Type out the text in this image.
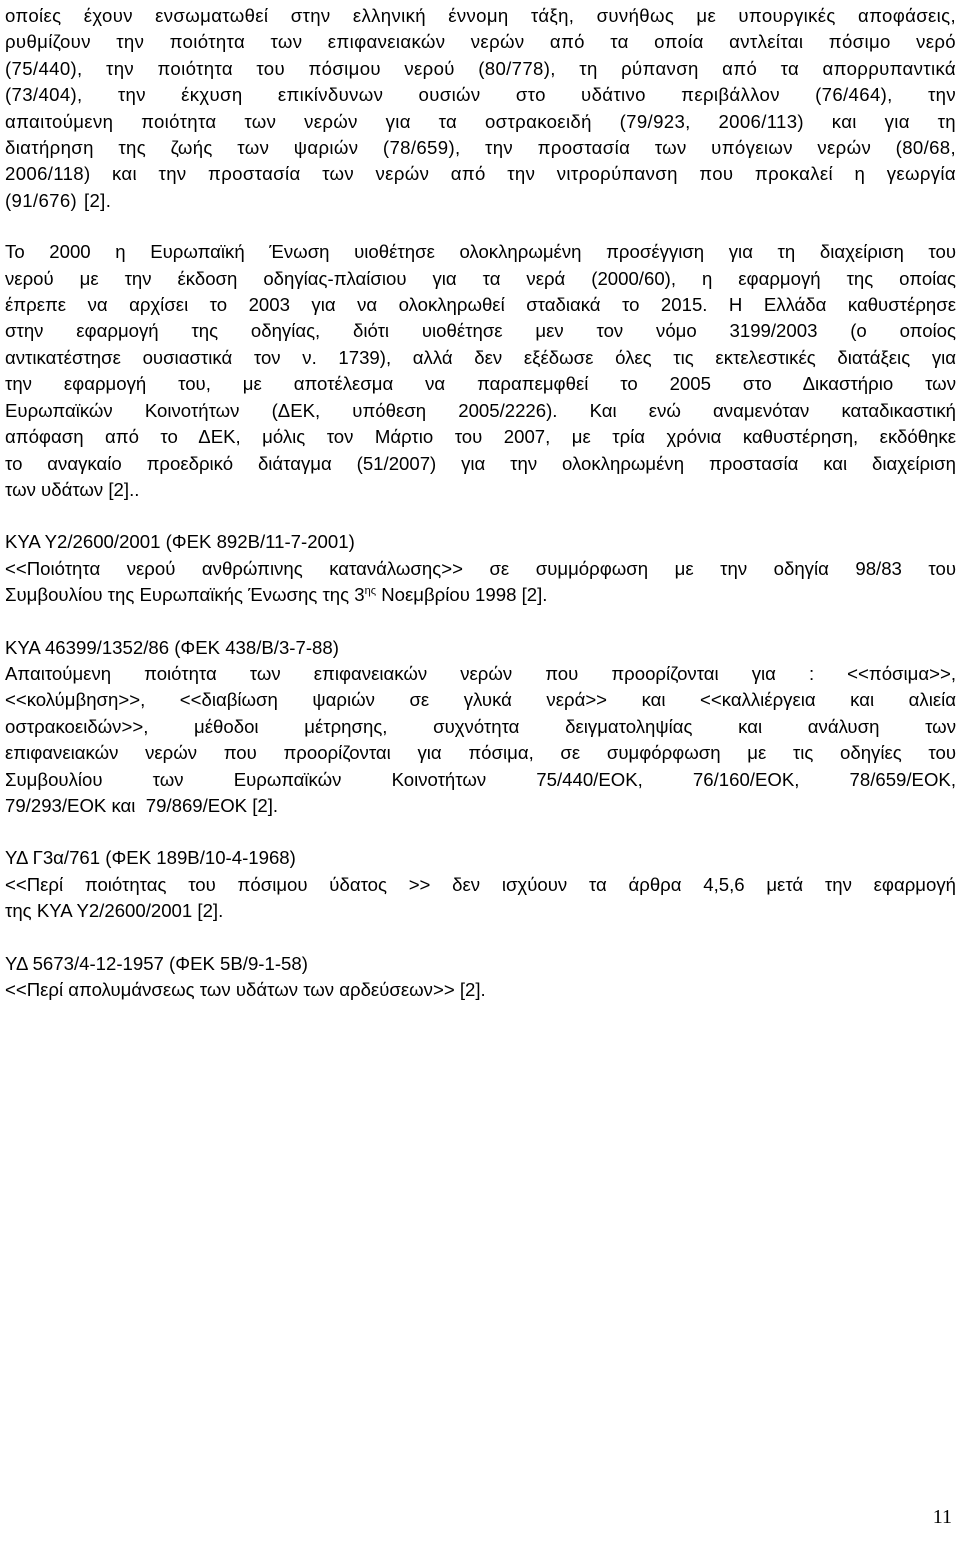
οποίες έχουν ενσωματωθεί στην ελληνική έννομη τάξη, συνήθως με υπουργικές αποφάσεις,
ρυθμίζουν την ποιότητα των επιφανειακών νερών από τα οποία αντλείται πόσιμο νερό
(75/440), την ποιότητα του πόσιμου νερού (80/778), τη ρύπανση από τα απορρυπαντικά
(73/404), την έκχυση επικίνδυνων ουσιών στο υδάτινο περιβάλλον (76/464), την
απαιτούμενη ποιότητα των νερών για τα οστρακοειδή (79/923, 2006/113) και για τη
διατήρηση της ζωής των ψαριών (78/659), την προστασία των υπόγειων νερών (80/68,
2006/118) και την προστασία των νερών από την νιτρορύπανση που προκαλεί η γεωργία
(91/676) [2].

Το 2000 η Ευρωπαϊκή Ένωση υιοθέτησε ολοκληρωμένη προσέγγιση για τη διαχείριση του
νερού με την έκδοση οδηγίας-πλαίσιου για τα νερά (2000/60), η εφαρμογή της οποίας
έπρεπε να αρχίσει το 2003 για να ολοκληρωθεί σταδιακά το 2015. Η Ελλάδα καθυστέρησε
στην εφαρμογή της οδηγίας, διότι υιοθέτησε μεν τον νόμο 3199/2003 (ο οποίος
αντικατέστησε ουσιαστικά τον ν. 1739), αλλά δεν εξέδωσε όλες τις εκτελεστικές διατάξεις για
την εφαρμογή του, με αποτέλεσμα να παραπεμφθεί το 2005 στο Δικαστήριο των
Ευρωπαϊκών Κοινοτήτων (ΔΕΚ, υπόθεση 2005/2226). Και ενώ αναμενόταν καταδικαστική
απόφαση από το ΔΕΚ, μόλις τον Μάρτιο του 2007, με τρία χρόνια καθυστέρηση, εκδόθηκε
το αναγκαίο προεδρικό διάταγμα (51/2007) για την ολοκληρωμένη προστασία και διαχείριση
των υδάτων [2]..

ΚΥΑ Υ2/2600/2001 (ΦΕΚ 892Β/11-7-2001)
<<Ποιότητα νερού ανθρώπινης κατανάλωσης>> σε συμμόρφωση με την οδηγία 98/83 του
Συμβουλίου της Ευρωπαϊκής Ένωσης της $3^{\eta\varsigma}$ Νοεμβρίου 1998 [2].

ΚΥΑ 46399/1352/86 (ΦΕΚ 438/Β/3-7-88)
Απαιτούμενη ποιότητα των επιφανειακών νερών που προορίζονται για : <<πόσιμα>>,
<<κολύμβηση>>, <<διαβίωση ψαριών σε γλυκά νερά>> και <<καλλιέργεια και αλιεία
οστρακοειδών>>, μέθοδοι μέτρησης, συχνότητα δειγματοληψίας και ανάλυση των
επιφανειακών νερών που προορίζονται για πόσιμα, σε συμφόρφωση με τις οδηγίες του
Συμβουλίου των Ευρωπαϊκών Κοινοτήτων 75/440/ΕΟΚ, 76/160/ΕΟΚ, 78/659/ΕΟΚ,
79/293/ΕΟΚ και  79/869/ΕΟΚ [2].

ΥΔ Γ3α/761 (ΦΕΚ 189Β/10-4-1968)
<<Περί ποιότητας του πόσιμου ύδατος >> δεν ισχύουν τα άρθρα 4,5,6 μετά την εφαρμογή
της ΚΥΑ Υ2/2600/2001 [2].

ΥΔ 5673/4-12-1957 (ΦΕΚ 5Β/9-1-58)
<<Περί απολυμάνσεως των υδάτων των αρδεύσεων>> [2].

11
